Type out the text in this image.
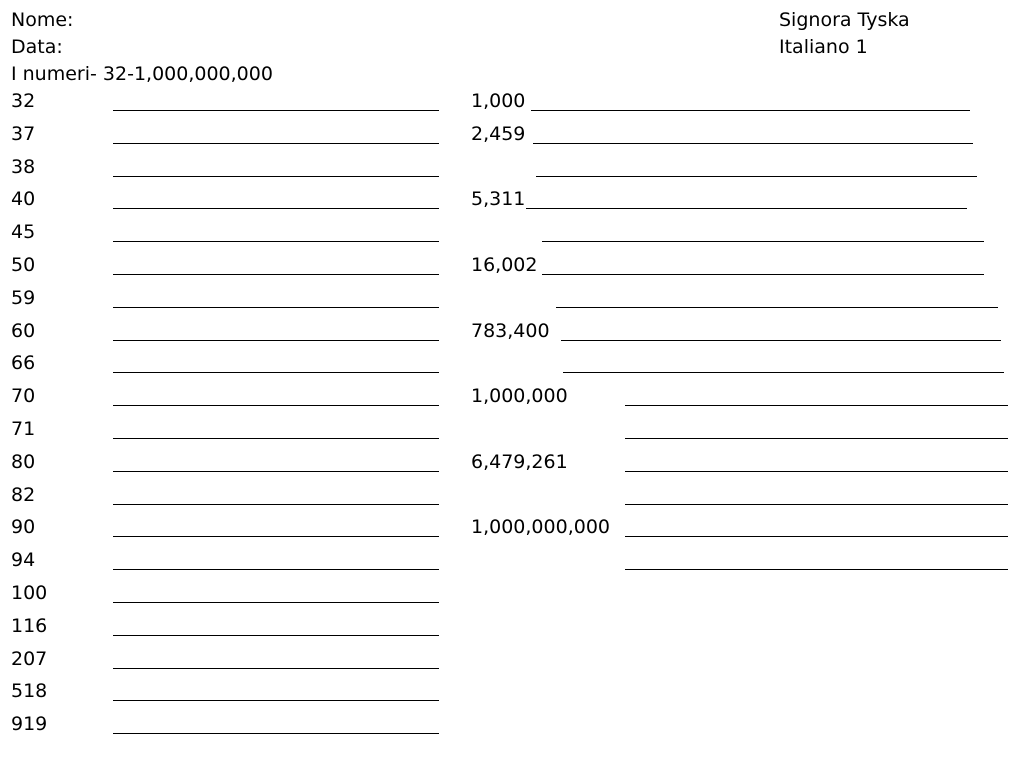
Nome:
Data:
I numeri- 32-1,000,000,000
Signora Tyska
Italiano 1
32
37
38
40
45
50
59
60
66
70
71
80
82
90
94
100
116
207
518
919
1,000
2,459
5,311
16,002
783,400
1,000,000
6,479,261
1,000,000,000
